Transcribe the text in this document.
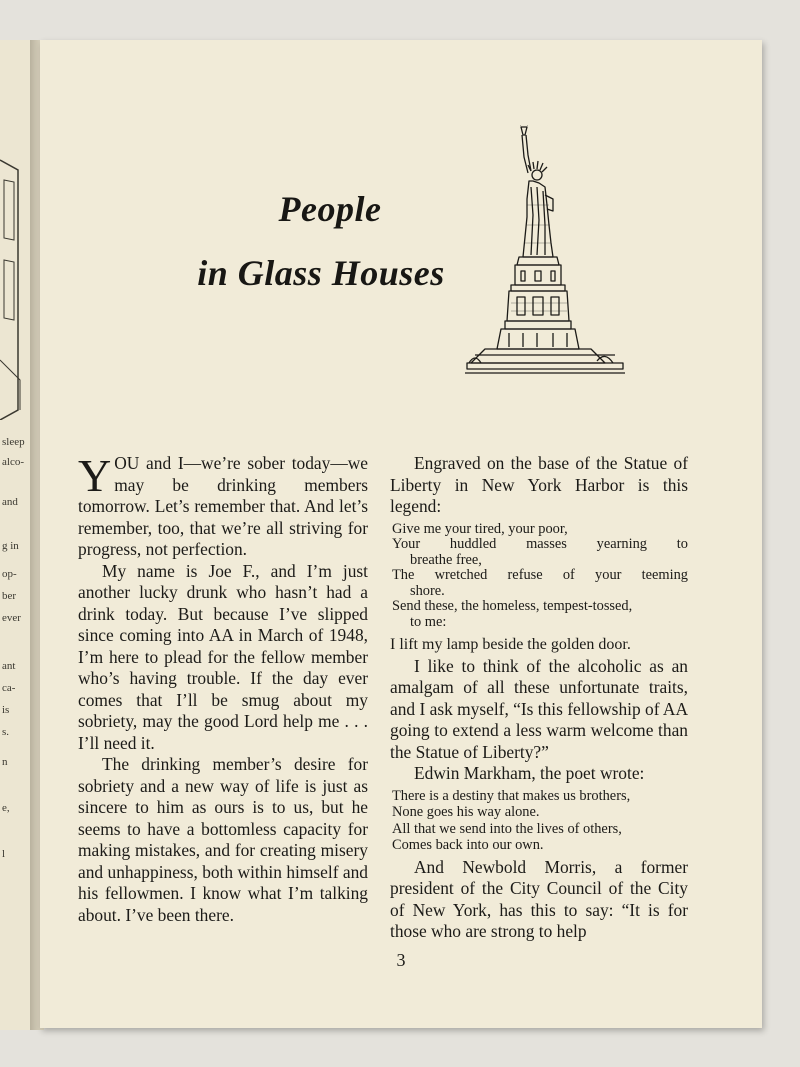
sleep
alco-
and
g in
op-
ber
ever
ant
ca-
is
s.
n
e,
l
People
in Glass Houses

YOU and I—we’re sober today—we may be drinking members tomorrow. Let’s remember that. And let’s remember, too, that we’re all striving for progress, not perfection.

My name is Joe F., and I’m just another lucky drunk who hasn’t had a drink today. But because I’ve slipped since coming into AA in March of 1948, I’m here to plead for the fellow member who’s having trouble. If the day ever comes that I’ll be smug about my sobriety, may the good Lord help me . . . I’ll need it.

The drinking member’s desire for sobriety and a new way of life is just as sincere to him as ours is to us, but he seems to have a bottomless capacity for making mistakes, and for creating misery and unhappiness, both within himself and his fellowmen. I know what I’m talking about. I’ve been there.

Engraved on the base of the Statue of Liberty in New York Harbor is this legend:

Give me your tired, your poor,
Your huddled masses yearning to
breathe free,
The wretched refuse of your teeming
shore.
Send these, the homeless, tempest-tossed,
to me:

I lift my lamp beside the golden door.

I like to think of the alcoholic as an amalgam of all these unfortunate traits, and I ask myself, “Is this fellowship of AA going to extend a less warm welcome than the Statue of Liberty?”

Edwin Markham, the poet wrote:

There is a destiny that makes us brothers,
None goes his way alone.
All that we send into the lives of others,
Comes back into our own.

And Newbold Morris, a former president of the City Council of the City of New York, has this to say: “It is for those who are strong to help

3
